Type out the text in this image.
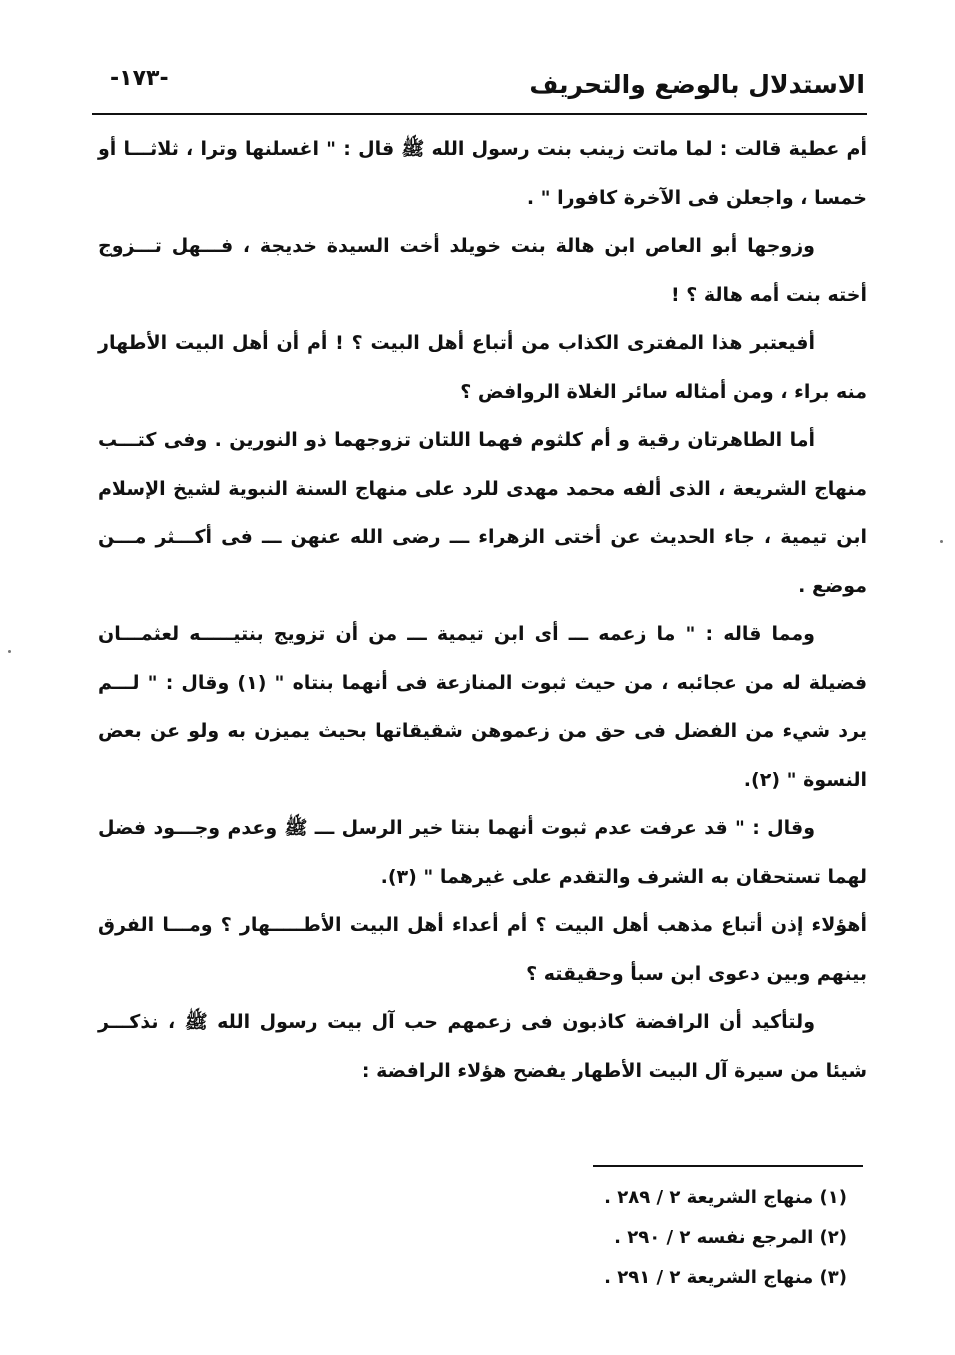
الاستدلال بالوضع والتحريف
-١٧٣-

أم عطية قالت : لما ماتت زينب بنت رسول الله ﷺ قال : " اغسلنها وترا ، ثلاثـــا أو خمسا ، واجعلن فى الآخرة كافورا " .

وزوجها أبو العاص ابن هالة بنت خويلد أخت السيدة خديجة ، فـــهل تـــزوج أخته بنت أمه هالة ؟ !

أفيعتبر هذا المفترى الكذاب من أتباع أهل البيت ؟ ! أم أن أهل البيت الأطهار منه براء ، ومن أمثاله سائر الغلاة الروافض ؟

أما الطاهرتان رقية و أم كلثوم فهما اللتان تزوجهما ذو النورين . وفى كتـــب منهاج الشريعة ، الذى ألفه محمد مهدى للرد على منهاج السنة النبوية لشيخ الإسلام ابن تيمية ، جاء الحديث عن أختى الزهراء ـــ رضى الله عنهن ـــ فى أكـــثر مـــن موضع .

ومما قاله : " ما زعمه ـــ أى ابن تيمية ـــ من أن تزويج بنتيـــــه لعثمـــان فضيلة له من عجائبه ، من حيث ثبوت المنازعة فى أنهما بنتاه " (١) وقال : " لـــم يرد شيء من الفضل فى حق من زعموهن شقيقاتها بحيث يميزن به ولو عن بعض النسوة " (٢).

وقال : " قد عرفت عدم ثبوت أنهما بنتا خير الرسل ـــ ﷺ وعدم وجـــود فضل لهما تستحقان به الشرف والتقدم على غيرهما " (٣).

أهؤلاء إذن أتباع مذهب أهل البيت ؟ أم أعداء أهل البيت الأطـــــهار ؟ ومـــا الفرق بينهم وبين دعوى ابن سبأ وحقيقته ؟

ولتأكيد أن الرافضة كاذبون فى زعمهم حب آل بيت رسول الله ﷺ ، نذكـــر شيئا من سيرة آل البيت الأطهار يفضح هؤلاء الرافضة :

(١) منهاج الشريعة ٢ / ٢٨٩ .
(٢) المرجع نفسه ٢ / ٢٩٠ .
(٣) منهاج الشريعة ٢ / ٢٩١ .
